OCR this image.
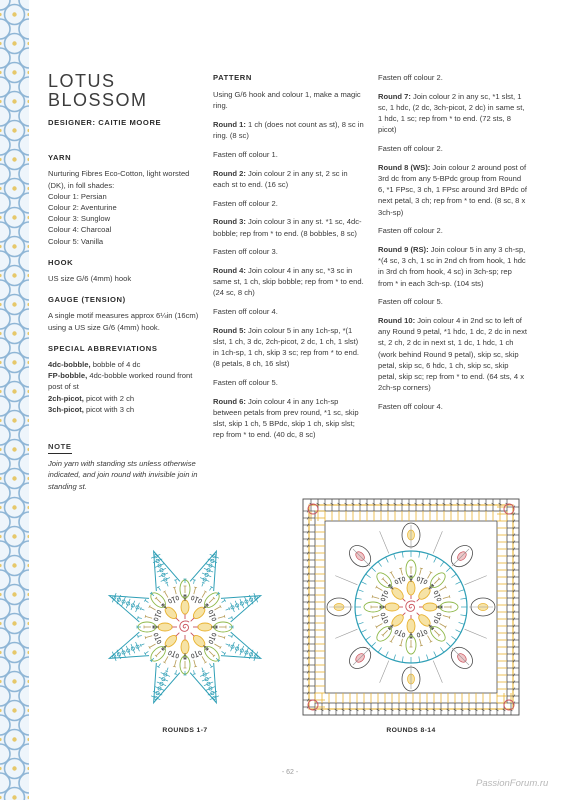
LOTUS BLOSSOM
DESIGNER: CAITIE MOORE
YARN
Nurturing Fibres Eco-Cotton, light worsted (DK), in foll shades:
Colour 1: Persian
Colour 2: Aventurine
Colour 3: Sunglow
Colour 4: Charcoal
Colour 5: Vanilla
HOOK
US size G/6 (4mm) hook
GAUGE (TENSION)
A single motif measures approx 6¼in (16cm) using a US size G/6 (4mm) hook.
SPECIAL ABBREVIATIONS
4dc-bobble, bobble of 4 dc
FP-bobble, 4dc-bobble worked round front post of st
2ch-picot, picot with 2 ch
3ch-picot, picot with 3 ch
NOTE
Join yarn with standing sts unless otherwise indicated, and join round with invisible join in standing st.
PATTERN

Using G/6 hook and colour 1, make a magic ring.

Round 1: 1 ch (does not count as st), 8 sc in ring. (8 sc)

Fasten off colour 1.

Round 2: Join colour 2 in any st, 2 sc in each st to end. (16 sc)

Fasten off colour 2.

Round 3: Join colour 3 in any st. *1 sc, 4dc-bobble; rep from * to end. (8 bobbles, 8 sc)

Fasten off colour 3.

Round 4: Join colour 4 in any sc, *3 sc in same st, 1 ch, skip bobble; rep from * to end. (24 sc, 8 ch)

Fasten off colour 4.

Round 5: Join colour 5 in any 1ch-sp, *(1 slst, 1 ch, 3 dc, 2ch-picot, 2 dc, 1 ch, 1 slst) in 1ch-sp, 1 ch, skip 3 sc; rep from * to end. (8 petals, 8 ch, 16 slst)

Fasten off colour 5.

Round 6: Join colour 4 in any 1ch-sp between petals from prev round, *1 sc, skip slst, skip 1 ch, 5 BPdc, skip 1 ch, skip slst; rep from * to end. (40 dc, 8 sc)

Fasten off colour 2.

Round 7: Join colour 2 in any sc, *1 slst, 1 sc, 1 hdc, (2 dc, 3ch-picot, 2 dc) in same st, 1 hdc, 1 sc; rep from * to end. (72 sts, 8 picot)

Fasten off colour 2.

Round 8 (WS): Join colour 2 around post of 3rd dc from any 5-BPdc group from Round 6, *1 FPsc, 3 ch, 1 FPsc around 3rd BPdc of next petal, 3 ch; rep from * to end. (8 sc, 8 x 3ch-sp)

Fasten off colour 2.

Round 9 (RS): Join colour 5 in any 3 ch-sp, *(4 sc, 3 ch, 1 sc in 2nd ch from hook, 1 hdc in 3rd ch from hook, 4 sc) in 3ch-sp; rep from * in each 3ch-sp. (104 sts)

Fasten off colour 5.

Round 10: Join colour 4 in 2nd sc to left of any Round 9 petal, *1 hdc, 1 dc, 2 dc in next st, 2 ch, 2 dc in next st, 1 dc, 1 hdc, 1 ch (work behind Round 9 petal), skip sc, skip petal, skip sc, 6 hdc, 1 ch, skip sc, skip petal, skip sc; rep from * to end. (64 sts, 4 x 2ch-sp corners)

Fasten off colour 4.

ROUNDS 1-7	ROUNDS 8-14
- 62 -
PassionForum.ru
